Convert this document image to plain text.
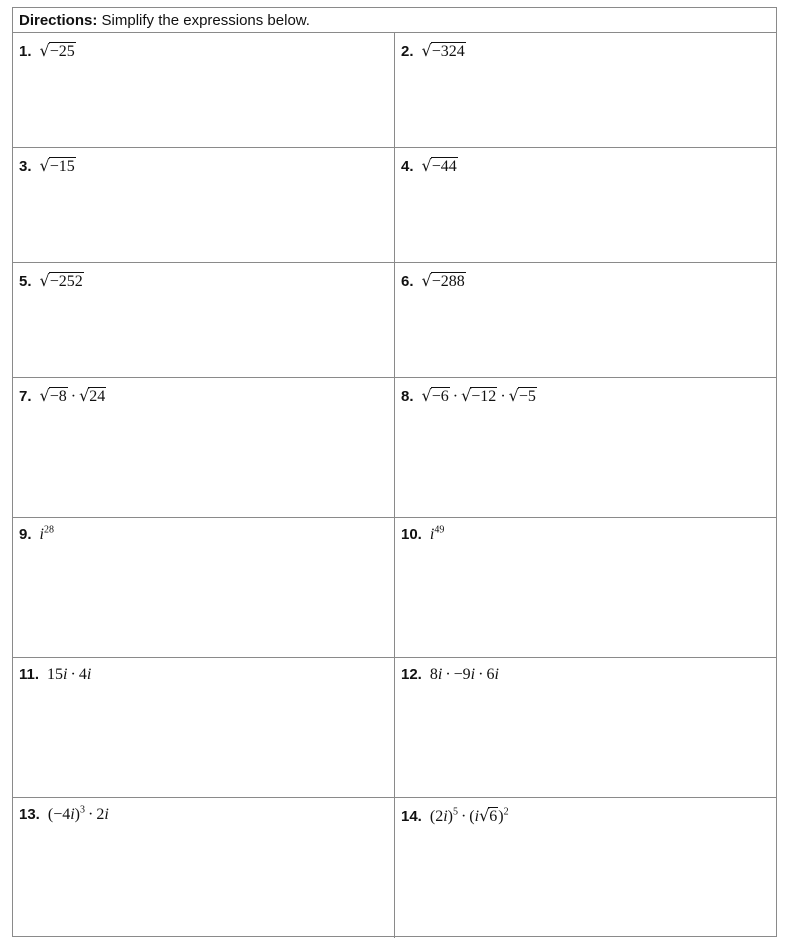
Directions: Simplify the expressions below.
1. √−25	2. √−324
3. √−15	4. √−44
5. √−252	6. √−288
7. √−8 · √24	8. √−6 · √−12 · √−5
9. $i^{28}$	10. $i^{49}$
11. 15i · 4i	12. 8i · −9i · 6i
13. $(-4i)^3 \cdot 2i$	14. $(2i)^5 \cdot (i√6)^2$
